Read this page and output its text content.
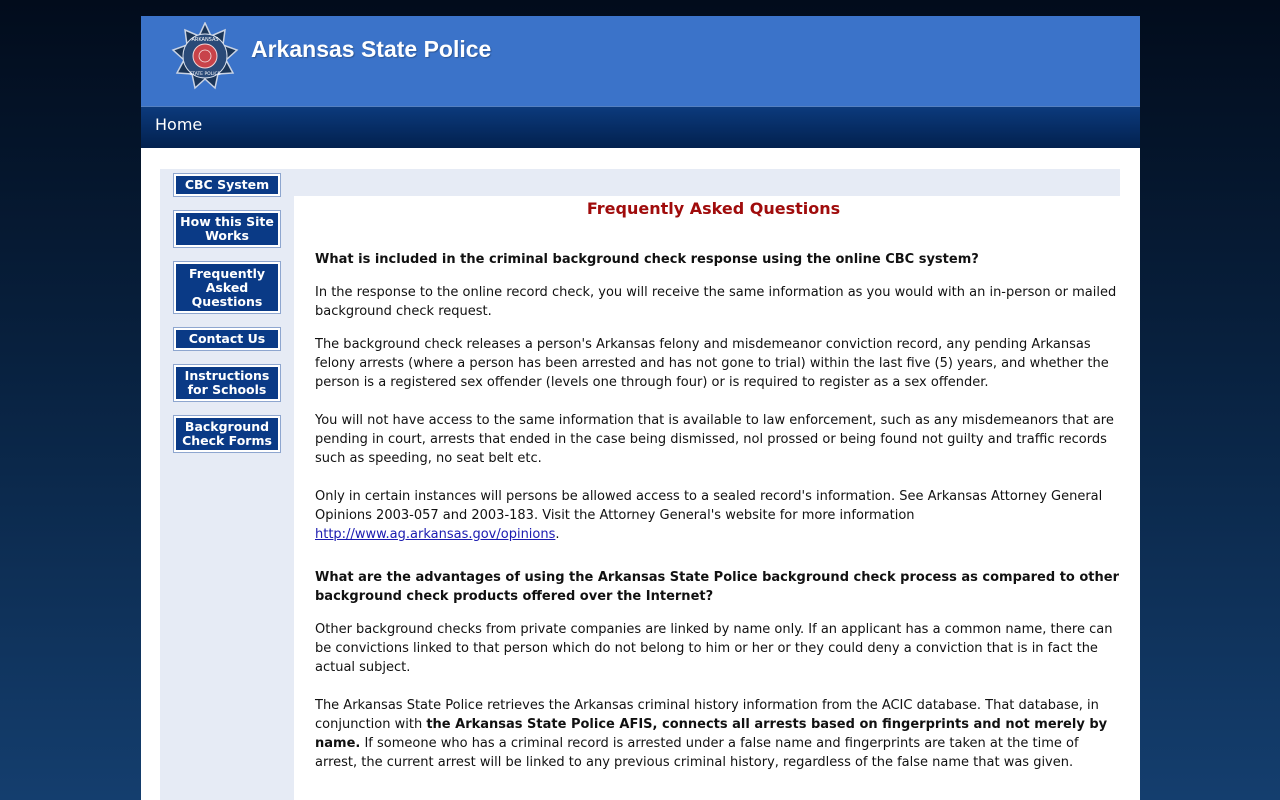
ARKANSAS
STATE POLICE
Arkansas State Police
Home
CBC System
How this Site Works
Frequently Asked Questions
Contact Us
Instructions for Schools
Background Check Forms
Frequently Asked Questions
What is included in the criminal background check response using the online CBC system?
In the response to the online record check, you will receive the same information as you would with an in-person or mailed background check request.
The background check releases a person's Arkansas felony and misdemeanor conviction record, any pending Arkansas felony arrests (where a person has been arrested and has not gone to trial) within the last five (5) years, and whether the person is a registered sex offender (levels one through four) or is required to register as a sex offender.
You will not have access to the same information that is available to law enforcement, such as any misdemeanors that are pending in court, arrests that ended in the case being dismissed, nol prossed or being found not guilty and traffic records such as speeding, no seat belt etc.
Only in certain instances will persons be allowed access to a sealed record's information. See Arkansas Attorney General Opinions 2003-057 and 2003-183. Visit the Attorney General's website for more information http://www.ag.arkansas.gov/opinions.
What are the advantages of using the Arkansas State Police background check process as compared to other background check products offered over the Internet?
Other background checks from private companies are linked by name only. If an applicant has a common name, there can be convictions linked to that person which do not belong to him or her or they could deny a conviction that is in fact the actual subject.
The Arkansas State Police retrieves the Arkansas criminal history information from the ACIC database. That database, in conjunction with the Arkansas State Police AFIS, connects all arrests based on fingerprints and not merely by name. If someone who has a criminal record is arrested under a false name and fingerprints are taken at the time of arrest, the current arrest will be linked to any previous criminal history, regardless of the false name that was given.
